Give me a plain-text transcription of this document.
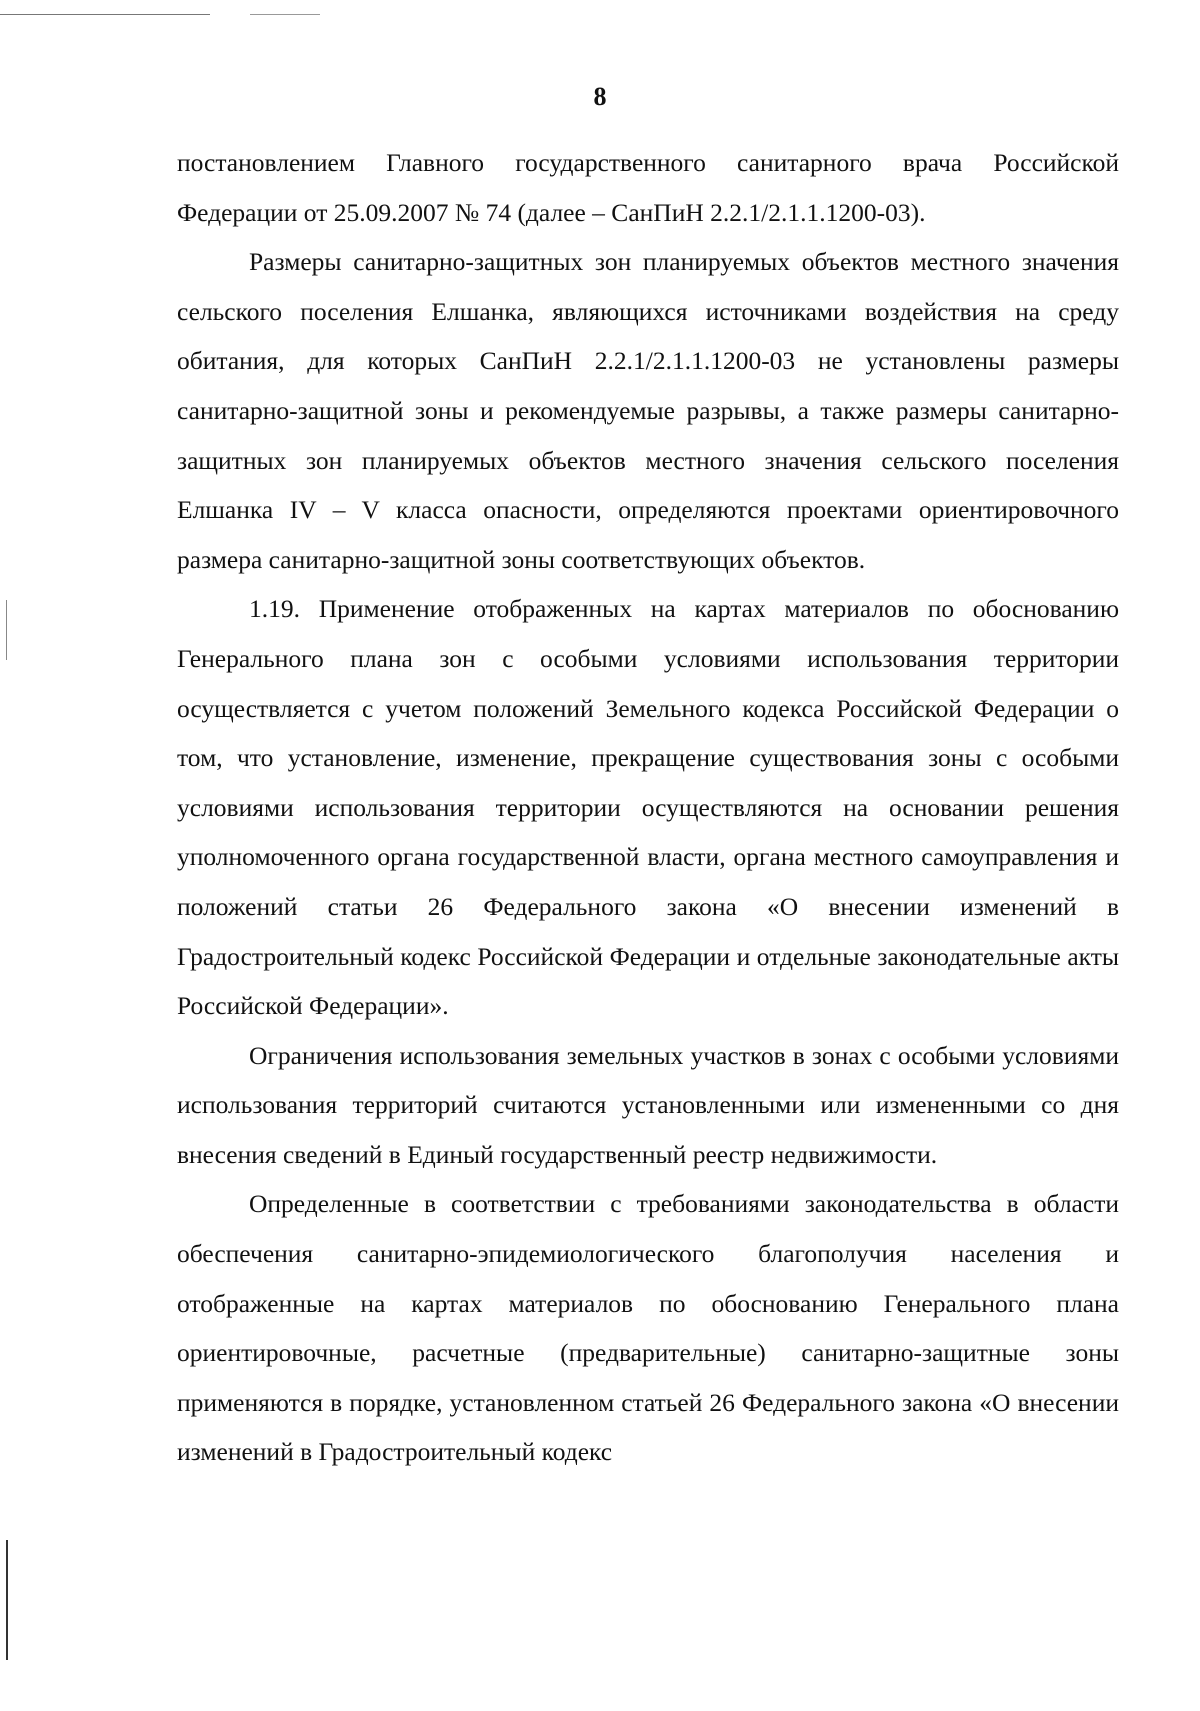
8

постановлением Главного государственного санитарного врача Российской Федерации от 25.09.2007 № 74 (далее – СанПиН 2.2.1/2.1.1.1200-03).

Размеры санитарно-защитных зон планируемых объектов местного значения сельского поселения Елшанка, являющихся источниками воздействия на среду обитания, для которых СанПиН 2.2.1/2.1.1.1200-03 не установлены размеры санитарно-защитной зоны и рекомендуемые разрывы, а также размеры санитарно-защитных зон планируемых объектов местного значения сельского поселения Елшанка IV – V класса опасности, определяются проектами ориентировочного размера санитарно-защитной зоны соответствующих объектов.

1.19. Применение отображенных на картах материалов по обоснованию Генерального плана зон с особыми условиями использования территории осуществляется с учетом положений Земельного кодекса Российской Федерации о том, что установление, изменение, прекращение существования зоны с особыми условиями использования территории осуществляются на основании решения уполномоченного органа государственной власти, органа местного самоуправления и положений статьи 26 Федерального закона «О внесении изменений в Градостроительный кодекс Российской Федерации и отдельные законодательные акты Российской Федерации».

Ограничения использования земельных участков в зонах с особыми условиями использования территорий считаются установленными или измененными со дня внесения сведений в Единый государственный реестр недвижимости.

Определенные в соответствии с требованиями законодательства в области обеспечения санитарно-эпидемиологического благополучия населения и отображенные на картах материалов по обоснованию Генерального плана ориентировочные, расчетные (предварительные) санитарно-защитные зоны применяются в порядке, установленном статьей 26 Федерального закона «О внесении изменений в Градостроительный кодекс
